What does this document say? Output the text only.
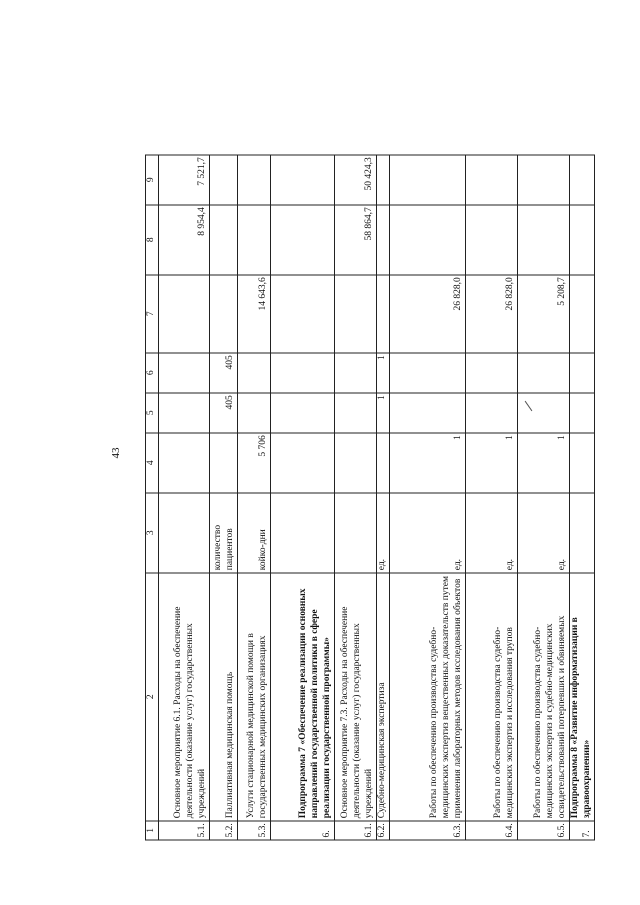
43
1	2	3	4	5	6	7	8	9
5.1.	Основное мероприятие 6.1. Расходы на обеспечение деятельности (оказание услуг) государственных учреждений						8 954,4	7 521,7
5.2.	Паллиативная медицинская помощь	количество пациентов		405	405			
5.3.	Услуги стационарной медицинской помощи в государственных медицинских организациях	койко-дни	5 706			14 643,6		
6.	Подпрограмма 7 «Обеспечение реализации основных направлений государственной политики в сфере реализации государственной программы»							
6.1.	Основное мероприятие 7.3. Расходы на обеспечение деятельности (оказание услуг) государственных учреждений						58 864,7	50 424,3
6.2.	Судебно-медицинская экспертиза	ед.		1	1			
6.3.	Работы по обеспечению производства судебно-медицинских экспертиз вещественных доказательств путем применения лабораторных методов исследования объектов	ед.	1			26 828,0		
6.4.	Работы по обеспечению производства судебно-медицинских экспертиз и исследования трупов	ед.	1			26 828,0		
6.5.	Работы по обеспечению производства судебно-медицинских экспертиз и судебно-медицинских освидетельствований потерпевших и обвиняемых	ед.	1			5 208,7		
7.	Подпрограмма 8 «Развитие информатизации в здравоохранении»							
